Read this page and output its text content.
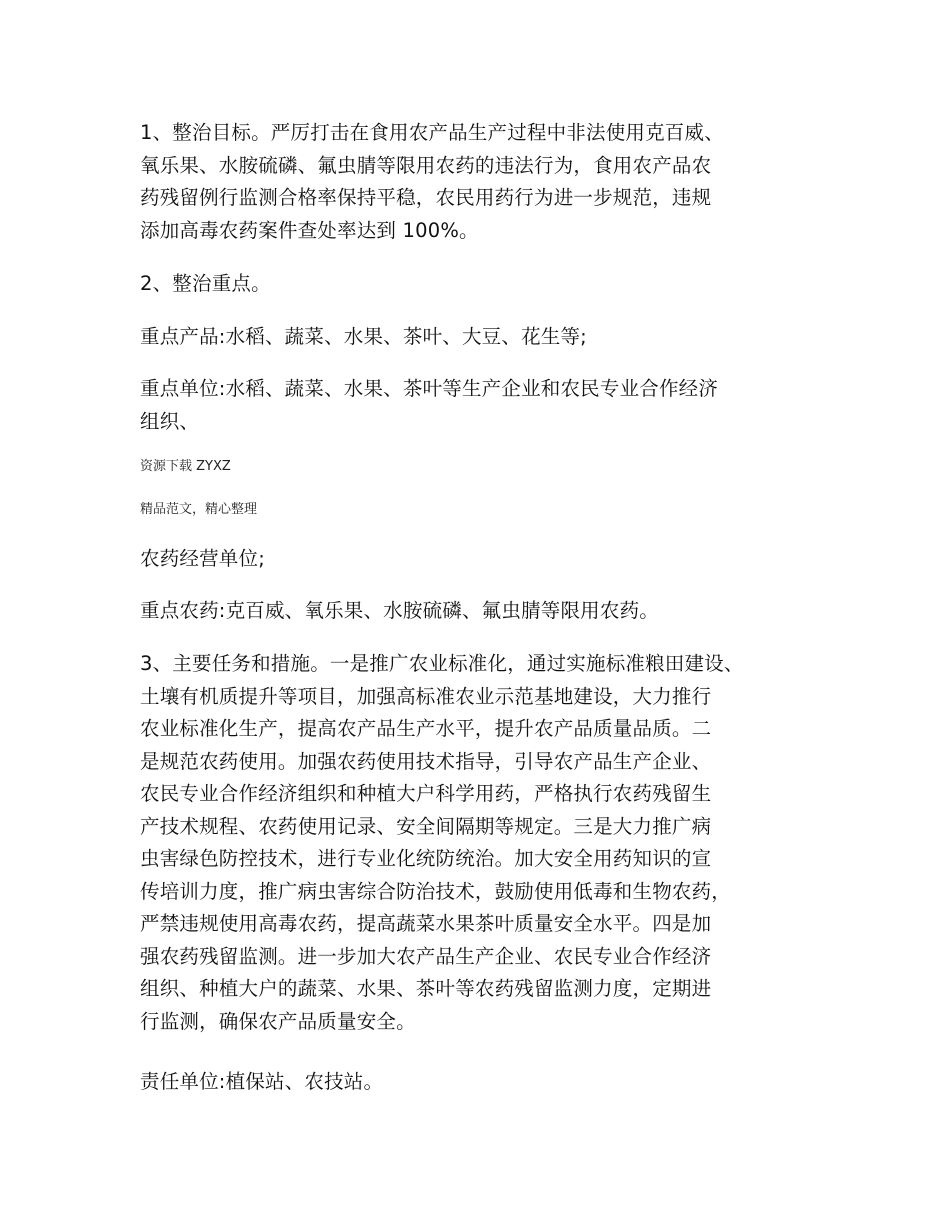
1、整治目标。严厉打击在食用农产品生产过程中非法使用克百威、
氧乐果、水胺硫磷、氟虫腈等限用农药的违法行为，食用农产品农
药残留例行监测合格率保持平稳，农民用药行为进一步规范，违规
添加高毒农药案件查处率达到 100%。
2、整治重点。
重点产品:水稻、蔬菜、水果、茶叶、大豆、花生等;
重点单位:水稻、蔬菜、水果、茶叶等生产企业和农民专业合作经济
组织、
资源下载 ZYXZ
精品范文，精心整理
农药经营单位;
重点农药:克百威、氧乐果、水胺硫磷、氟虫腈等限用农药。
3、主要任务和措施。一是推广农业标准化，通过实施标准粮田建设、
土壤有机质提升等项目，加强高标准农业示范基地建设，大力推行
农业标准化生产，提高农产品生产水平，提升农产品质量品质。二
是规范农药使用。加强农药使用技术指导，引导农产品生产企业、
农民专业合作经济组织和种植大户科学用药，严格执行农药残留生
产技术规程、农药使用记录、安全间隔期等规定。三是大力推广病
虫害绿色防控技术，进行专业化统防统治。加大安全用药知识的宣
传培训力度，推广病虫害综合防治技术，鼓励使用低毒和生物农药，
严禁违规使用高毒农药，提高蔬菜水果茶叶质量安全水平。四是加
强农药残留监测。进一步加大农产品生产企业、农民专业合作经济
组织、种植大户的蔬菜、水果、茶叶等农药残留监测力度，定期进
行监测，确保农产品质量安全。
责任单位:植保站、农技站。
